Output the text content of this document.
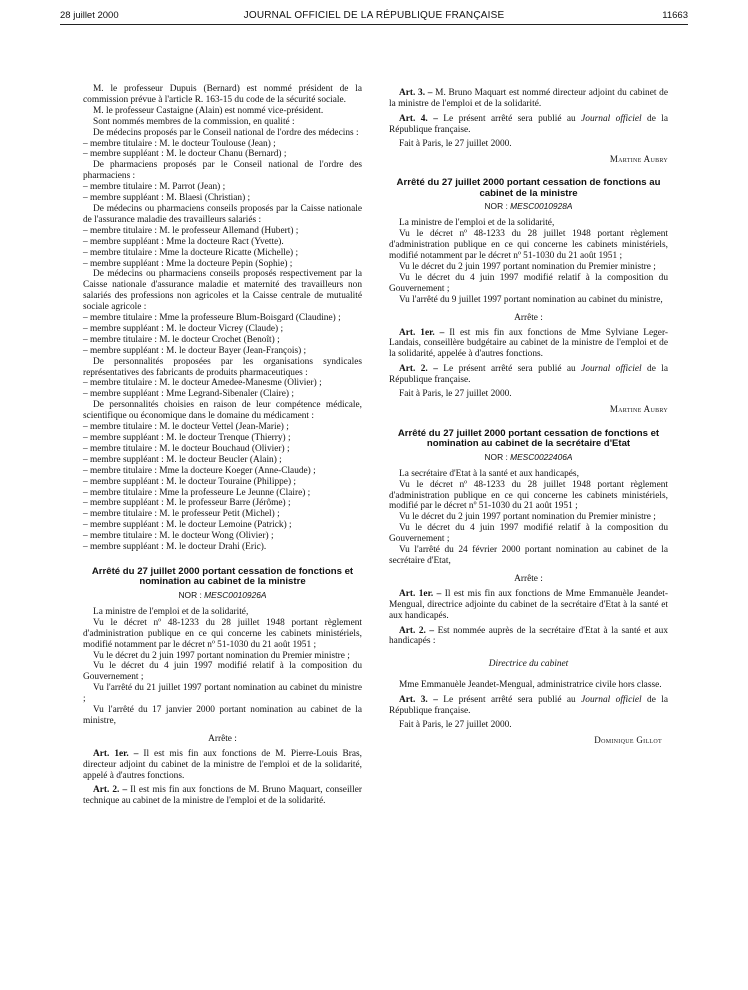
28 juillet 2000	JOURNAL OFFICIEL DE LA RÉPUBLIQUE FRANÇAISE	11663

M. le professeur Dupuis (Bernard) est nommé président de la commission prévue à l'article R. 163-15 du code de la sécurité sociale.

M. le professeur Castaigne (Alain) est nommé vice-président.

Sont nommés membres de la commission, en qualité :

De médecins proposés par le Conseil national de l'ordre des médecins :

– membre titulaire : M. le docteur Toulouse (Jean) ;

– membre suppléant : M. le docteur Chanu (Bernard) ;

De pharmaciens proposés par le Conseil national de l'ordre des pharmaciens :

– membre titulaire : M. Parrot (Jean) ;

– membre suppléant : M. Blaesi (Christian) ;

De médecins ou pharmaciens conseils proposés par la Caisse nationale de l'assurance maladie des travailleurs salariés :

– membre titulaire : M. le professeur Allemand (Hubert) ;

– membre suppléant : Mme la docteure Ract (Yvette).

– membre titulaire : Mme la docteure Ricatte (Michelle) ;

– membre suppléant : Mme la docteure Pepin (Sophie) ;

De médecins ou pharmaciens conseils proposés respectivement par la Caisse nationale d'assurance maladie et maternité des travailleurs non salariés des professions non agricoles et la Caisse centrale de mutualité sociale agricole :

– membre titulaire : Mme la professeure Blum-Boisgard (Claudine) ;

– membre suppléant : M. le docteur Vicrey (Claude) ;

– membre titulaire : M. le docteur Crochet (Benoît) ;

– membre suppléant : M. le docteur Bayer (Jean-François) ;

De personnalités proposées par les organisations syndicales représentatives des fabricants de produits pharmaceutiques :

– membre titulaire : M. le docteur Amedee-Manesme (Olivier) ;

– membre suppléant : Mme Legrand-Sibenaler (Claire) ;

De personnalités choisies en raison de leur compétence médicale, scientifique ou économique dans le domaine du médicament :

– membre titulaire : M. le docteur Vettel (Jean-Marie) ;

– membre suppléant : M. le docteur Trenque (Thierry) ;

– membre titulaire : M. le docteur Bouchaud (Olivier) ;

– membre suppléant : M. le docteur Beucler (Alain) ;

– membre titulaire : Mme la docteure Koeger (Anne-Claude) ;

– membre suppléant : M. le docteur Touraine (Philippe) ;

– membre titulaire : Mme la professeure Le Jeunne (Claire) ;

– membre suppléant : M. le professeur Barre (Jérôme) ;

– membre titulaire : M. le professeur Petit (Michel) ;

– membre suppléant : M. le docteur Lemoine (Patrick) ;

– membre titulaire : M. le docteur Wong (Olivier) ;

– membre suppléant : M. le docteur Drahi (Eric).

Arrêté du 27 juillet 2000 portant cessation de fonctions et nomination au cabinet de la ministre

NOR : MESC0010926A

La ministre de l'emploi et de la solidarité,

Vu le décret nº 48-1233 du 28 juillet 1948 portant règlement d'administration publique en ce qui concerne les cabinets ministériels, modifié notamment par le décret nº 51-1030 du 21 août 1951 ;

Vu le décret du 2 juin 1997 portant nomination du Premier ministre ;

Vu le décret du 4 juin 1997 modifié relatif à la composition du Gouvernement ;

Vu l'arrêté du 21 juillet 1997 portant nomination au cabinet du ministre ;

Vu l'arrêté du 17 janvier 2000 portant nomination au cabinet de la ministre,

Arrête :

Art. 1er. – Il est mis fin aux fonctions de M. Pierre-Louis Bras, directeur adjoint du cabinet de la ministre de l'emploi et de la solidarité, appelé à d'autres fonctions.

Art. 2. – Il est mis fin aux fonctions de M. Bruno Maquart, conseiller technique au cabinet de la ministre de l'emploi et de la solidarité.

Art. 3. – M. Bruno Maquart est nommé directeur adjoint du cabinet de la ministre de l'emploi et de la solidarité.

Art. 4. – Le présent arrêté sera publié au Journal officiel de la République française.

Fait à Paris, le 27 juillet 2000.

Martine Aubry

Arrêté du 27 juillet 2000 portant cessation de fonctions au cabinet de la ministre

NOR : MESC0010928A

La ministre de l'emploi et de la solidarité,

Vu le décret nº 48-1233 du 28 juillet 1948 portant règlement d'administration publique en ce qui concerne les cabinets ministériels, modifié notamment par le décret nº 51-1030 du 21 août 1951 ;

Vu le décret du 2 juin 1997 portant nomination du Premier ministre ;

Vu le décret du 4 juin 1997 modifié relatif à la composition du Gouvernement ;

Vu l'arrêté du 9 juillet 1997 portant nomination au cabinet du ministre,

Arrête :

Art. 1er. – Il est mis fin aux fonctions de Mme Sylviane Leger-Landais, conseillère budgétaire au cabinet de la ministre de l'emploi et de la solidarité, appelée à d'autres fonctions.

Art. 2. – Le présent arrêté sera publié au Journal officiel de la République française.

Fait à Paris, le 27 juillet 2000.

Martine Aubry

Arrêté du 27 juillet 2000 portant cessation de fonctions et nomination au cabinet de la secrétaire d'Etat

NOR : MESC0022406A

La secrétaire d'Etat à la santé et aux handicapés,

Vu le décret nº 48-1233 du 28 juillet 1948 portant règlement d'administration publique en ce qui concerne les cabinets ministériels, modifié par le décret nº 51-1030 du 21 août 1951 ;

Vu le décret du 2 juin 1997 portant nomination du Premier ministre ;

Vu le décret du 4 juin 1997 modifié relatif à la composition du Gouvernement ;

Vu l'arrêté du 24 février 2000 portant nomination au cabinet de la secrétaire d'Etat,

Arrête :

Art. 1er. – Il est mis fin aux fonctions de Mme Emmanuèle Jeandet-Mengual, directrice adjointe du cabinet de la secrétaire d'Etat à la santé et aux handicapés.

Art. 2. – Est nommée auprès de la secrétaire d'Etat à la santé et aux handicapés :

Directrice du cabinet

Mme Emmanuèle Jeandet-Mengual, administratrice civile hors classe.

Art. 3. – Le présent arrêté sera publié au Journal officiel de la République française.

Fait à Paris, le 27 juillet 2000.

Dominique Gillot
